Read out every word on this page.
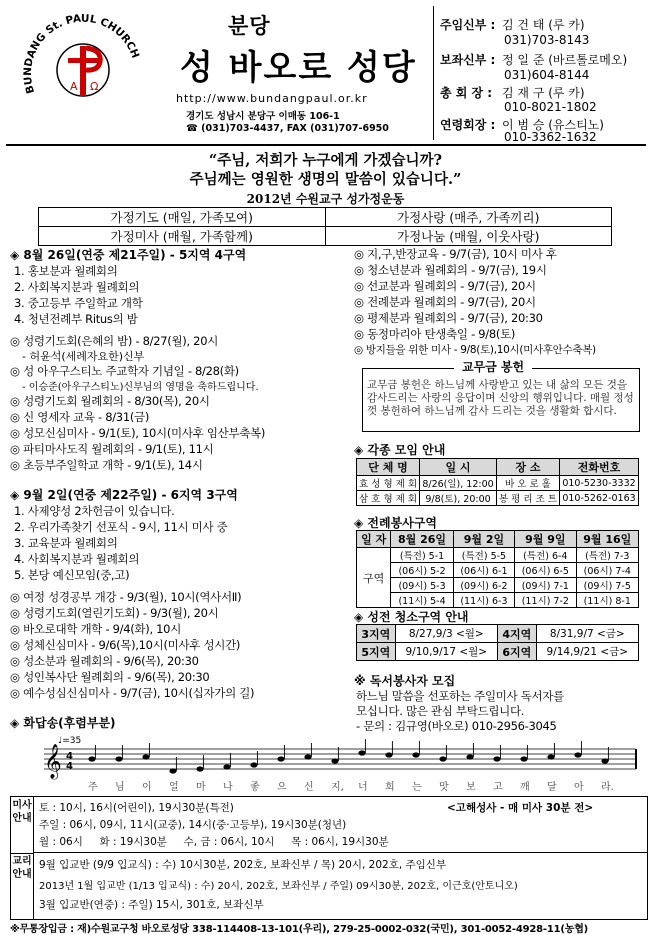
BUNDANG St. PAUL CHURCH
A Ω
분당
성 바오로 성당
http://www.bundangpaul.or.kr
경기도 성남시 분당구 이매동 106-1
☎ (031)703-4437, FAX (031)707-6950
주임신부 : 김 건 태 (루 카)
031)703-8143
보좌신부 : 정 일 준 (바르톨로메오)
031)604-8144
총 회 장 : 김 재 구 (루 카)
010-8021-1802
연령회장 : 이 범 승 (유스티노)
010-3362-1632
“주님, 저희가 누구에게 가겠습니까?
주님께는 영원한 생명의 말씀이 있습니다.”
2012년 수원교구 성가정운동
가정기도 (매일, 가족모여)	가정사랑 (매주, 가족끼리)
가정미사 (매월, 가족함께)	가정나눔 (매월, 이웃사랑)
◈ 8월 26일(연중 제21주일) - 5지역 4구역
1. 홍보분과 월례회의
2. 사회복지분과 월례회의
3. 중고등부 주일학교 개학
4. 청년전례부 Ritus의 밤
◎ 성령기도회(은혜의 밤) - 8/27(월), 20시
- 허윤석(세례자요한)신부
◎ 성 아우구스티노 주교학자 기념일 - 8/28(화)
- 이승준(아우구스티노)신부님의 영명을 축하드립니다.
◎ 성령기도회 월례회의 - 8/30(목), 20시
◎ 신 영세자 교육 - 8/31(금)
◎ 성모신심미사 - 9/1(토), 10시(미사후 임산부축복)
◎ 파티마사도직 월례회의 - 9/1(토), 11시
◎ 초등부주일학교 개학 - 9/1(토), 14시
◈ 9월 2일(연중 제22주일) - 6지역 3구역
1. 사제양성 2차헌금이 있습니다.
2. 우리가족찾기 선포식 - 9시, 11시 미사 중
3. 교육분과 월례회의
4. 사회복지분과 월례회의
5. 본당 예신모임(중,고)
◎ 여정 성경공부 개강 - 9/3(월), 10시(역사서Ⅱ)
◎ 성령기도회(열린기도회) - 9/3(월), 20시
◎ 바오로대학 개학 - 9/4(화), 10시
◎ 성체신심미사 - 9/6(목),10시(미사후 성시간)
◎ 성소분과 월례회의 - 9/6(목), 20:30
◎ 성인복사단 월례회의 - 9/6(목), 20:30
◎ 예수성심신심미사 - 9/7(금), 10시(십자가의 길)
◎ 지,구,반장교육 - 9/7(금), 10시 미사 후
◎ 청소년분과 월례회의 - 9/7(금), 19시
◎ 선교분과 월례회의 - 9/7(금), 20시
◎ 전례분과 월례회의 - 9/7(금), 20시
◎ 평제분과 월례회의 - 9/7(금), 20:30
◎ 동정마리아 탄생축일 - 9/8(토)
◎ 방지들을 위한 미사 - 9/8(토),10시(미사후안수축복)
교무금 봉헌은 하느님께 사랑받고 있는 내 삶의 모든 것을 감사드리는 사랑의 응답이며 신앙의 행위입니다. 매월 정성껏 봉헌하여 하느님께 감사 드리는 것을 생활화 합시다.
교무금 봉헌
◈ 각종 모임 안내
단 체 명	일 시	장 소	전화번호
효 성 형 제 회	8/26(일), 12:00	바 오 로 홀	010-5230-3332
삼 호 형 제 회	9/8(토), 20:00	봉 평 리 조 트	010-5262-0163
◈ 전례봉사구역
일 자	8월 26일	9월 2일	9월 9일	9월 16일
구역	(특전) 5-1	(특전) 5-5	(특전) 6-4	(특전) 7-3
	(06시) 5-2	(06시) 6-1	(06시) 6-5	(06시) 7-4
	(09시) 5-3	(09시) 6-2	(09시) 7-1	(09시) 7-5
	(11시) 5-4	(11시) 6-3	(11시) 7-2	(11시) 8-1
◈ 성전 청소구역 안내
3지역	8/27,9/3 <월>	4지역	8/31,9/7 <금>
5지역	9/10,9/17 <월>	6지역	9/14,9/21 <금>
※ 독서봉사자 모집
하느님 말씀을 선포하는 주일미사 독서자를
모십니다. 많은 관심 부탁드립니다.
- 문의 : 김규영(바오로) 010-2956-3045
◈ 화답송(후렴부분)
♩=35
𝄞 4
4
주 님 이 얼 마 나 좋 으 신 지, 너 희 는 맛 보 고 깨 달 아 라.
미사안내
토 : 10시, 16시(어린이), 19시30분(특전)	<고해성사 - 매 미사 30분 전>
주일 : 06시, 09시, 11시(교중), 14시(중·고등부), 19시30분(청년)
월 : 06시     화 : 19시30분     수, 금 : 06시, 10시     목 : 06시, 19시30분
교리안내
9월 입교반 (9/9 입교식) : 수) 10시30분, 202호, 보좌신부 / 목) 20시, 202호, 주임신부
2013년 1월 입교반 (1/13 입교식) : 수) 20시, 202호, 보좌신부 / 주일) 09시30분, 202호, 이근호(안토니오)
3월 입교반(연중) : 주일) 15시, 301호, 보좌신부
※무통장입금 : 재)수원교구청 바오로성당 338-114408-13-101(우리), 279-25-0002-032(국민), 301-0052-4928-11(농협)
